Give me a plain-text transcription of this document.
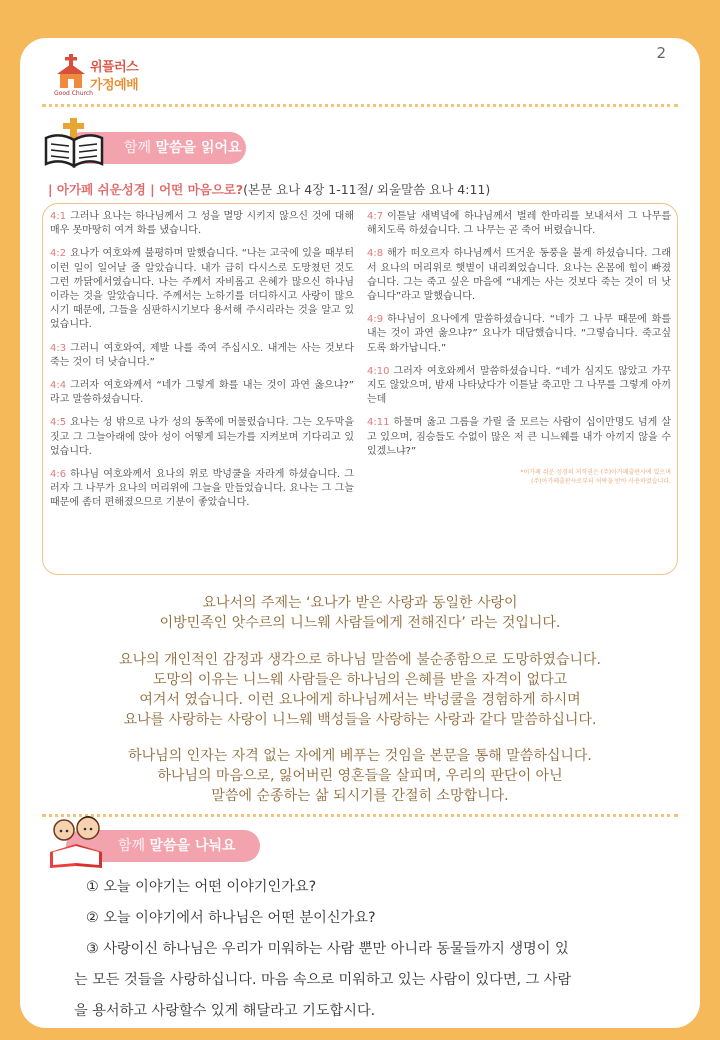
2
위플러스
가정예배
Good Church
함께 말씀을 읽어요
| 아가페 쉬운성경 | 어떤 마음으로?(본문 요나 4장 1-11절/ 외울말씀 요나 4:11)

4:1 그러나 요나는 하나님께서 그 성을 멸망 시키지 않으신 것에 대해 매우 못마땅히 여겨 화를 냈습니다.

4:2 요나가 여호와께 불평하며 말했습니다. “나는 고국에 있을 때부터 이런 일이 일어날 줄 알았습니다. 내가 급히 다시스로 도망쳤던 것도 그런 까닭에서였습니다. 나는 주께서 자비롭고 은혜가 많으신 하나님이라는 것을 알았습니다. 주께서는 노하기를 더디하시고 사랑이 많으시기 때문에, 그들을 심판하시기보다 용서해 주시리라는 것을 알고 있었습니다.

4:3 그러니 여호와여, 제발 나를 죽여 주십시오. 내게는 사는 것보다 죽는 것이 더 낫습니다.”

4:4 그러자 여호와께서 “네가 그렇게 화를 내는 것이 과연 옳으냐?” 라고 말씀하셨습니다.

4:5 요나는 성 밖으로 나가 성의 동쪽에 머물렀습니다. 그는 오두막을 짓고 그 그늘아래에 앉아 성이 어떻게 되는가를 지켜보며 기다리고 있었습니다.

4:6 하나님 여호와께서 요나의 위로 박넝쿨을 자라게 하셨습니다. 그러자 그 나무가 요나의 머리위에 그늘을 만들었습니다. 요나는 그 그늘 때문에 좀더 편해졌으므로 기분이 좋았습니다.

4:7 이튿날 새벽녘에 하나님께서 벌레 한마리를 보내셔서 그 나무를 해치도록 하셨습니다. 그 나무는 곧 죽어 버렸습니다.

4:8 해가 떠오르자 하나님께서 뜨거운 동풍을 불게 하셨습니다. 그래서 요나의 머리위로 햇볕이 내리쬐었습니다. 요나는 온몸에 힘이 빠졌습니다. 그는 죽고 싶은 마음에 “내게는 사는 것보다 죽는 것이 더 낫습니다”라고 말했습니다.

4:9 하나님이 요나에게 말씀하셨습니다. “네가 그 나무 때문에 화를 내는 것이 과연 옳으냐?” 요나가 대답했습니다. “그렇습니다. 죽고싶도록 화가납니다.”

4:10 그러자 여호와께서 말씀하셨습니다. “네가 심지도 않았고 가꾸지도 않았으며, 밤새 나타났다가 이튿날 죽고만 그 나무를 그렇게 아끼는데

4:11 하물며 옳고 그름을 가릴 줄 모르는 사람이 십이만명도 넘게 살고 있으며, 짐승들도 수없이 많은 저 큰 니느웨를 내가 아끼지 않을 수 있겠느냐?”

*이가페 쉬운 성경의 저작권은 (주)아가페출판사에 있으며
(주)아가페출판사로부터 허락을 받아 사용하였습니다.

요나서의 주제는 ‘요나가 받은 사랑과 동일한 사랑이

이방민족인 앗수르의 니느웨 사람들에게 전해진다’ 라는 것입니다.

요나의 개인적인 감정과 생각으로 하나님 말씀에 불순종함으로 도망하였습니다.

도망의 이유는 니느웨 사람들은 하나님의 은혜를 받을 자격이 없다고

여겨서 였습니다. 이런 요나에게 하나님께서는 박넝쿨을 경험하게 하시며

요나를 사랑하는 사랑이 니느웨 백성들을 사랑하는 사랑과 같다 말씀하십니다.

하나님의 인자는 자격 없는 자에게 베푸는 것임을 본문을 통해 말씀하십니다.

하나님의 마음으로, 잃어버린 영혼들을 살피며, 우리의 판단이 아닌

말씀에 순종하는 삶 되시기를 간절히 소망합니다.

함께 말씀을 나눠요

① 오늘 이야기는 어떤 이야기인가요?

② 오늘 이야기에서 하나님은 어떤 분이신가요?

③ 사랑이신 하나님은 우리가 미워하는 사람 뿐만 아니라 동물들까지 생명이 있

는 모든 것들을 사랑하십니다. 마음 속으로 미워하고 있는 사람이 있다면, 그 사람

을 용서하고 사랑할수 있게 해달라고 기도합시다.
